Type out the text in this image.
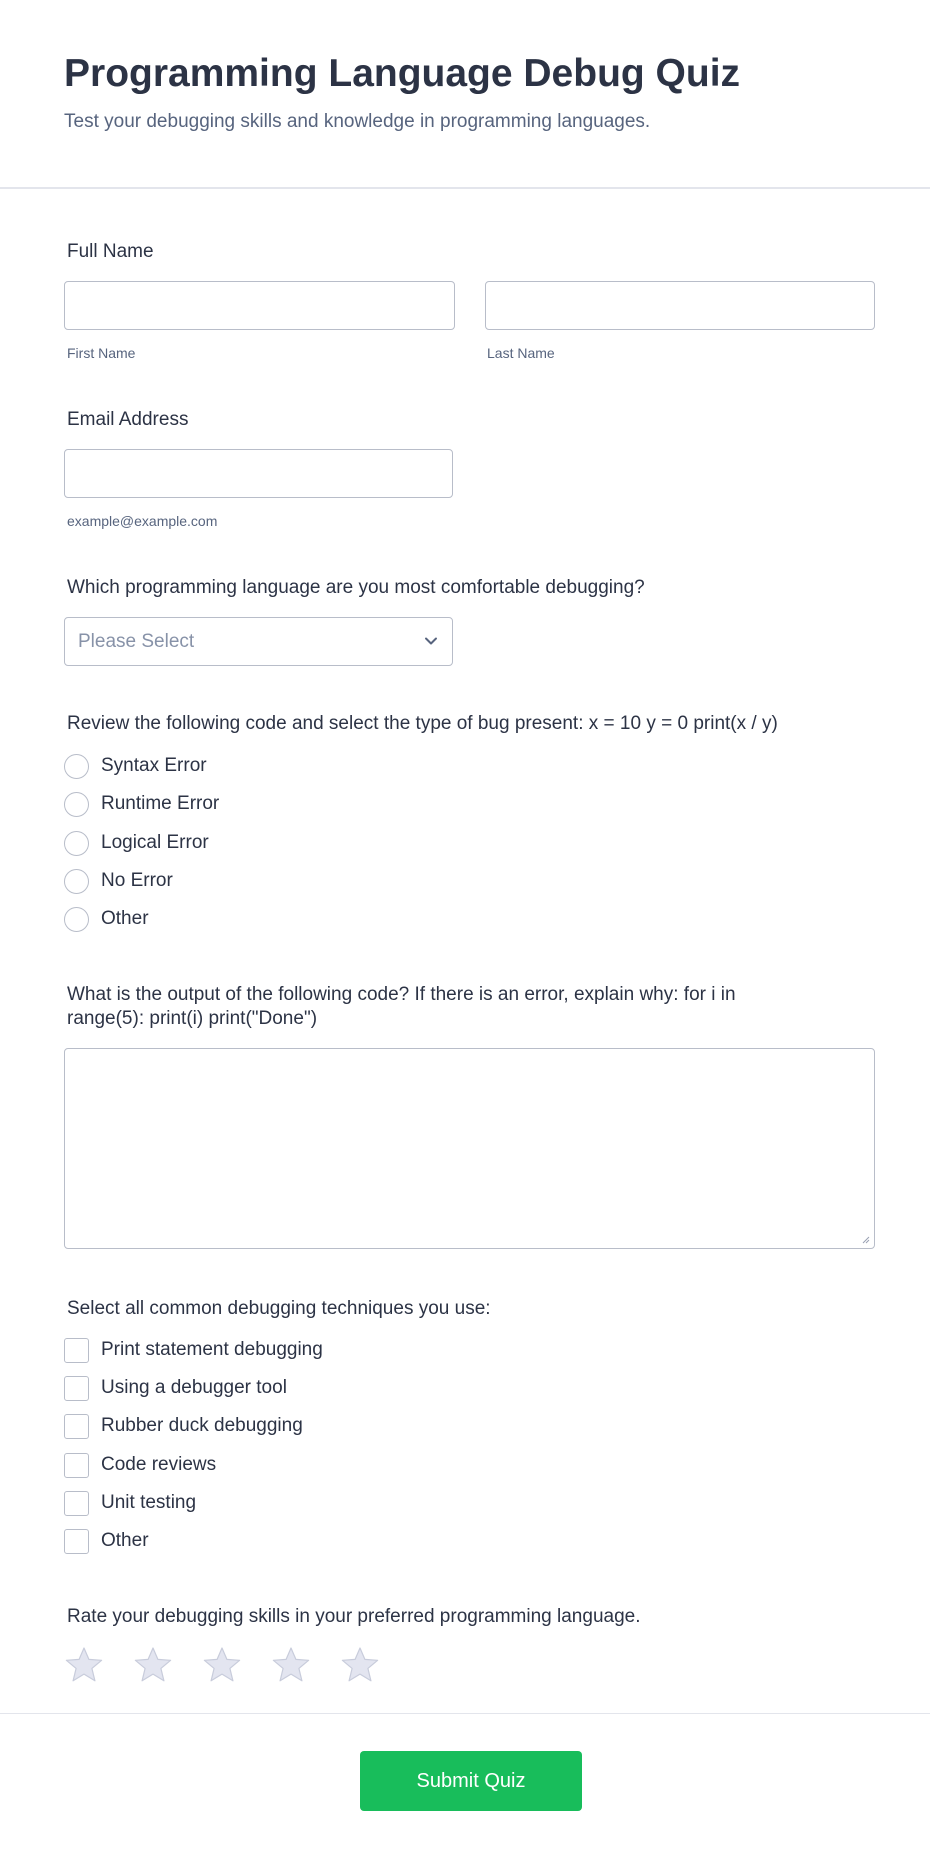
Programming Language Debug Quiz

Test your debugging skills and knowledge in programming languages.

Full Name
First Name	Last Name
Email Address
example@example.com
Which programming language are you most comfortable debugging?
Please Select
Review the following code and select the type of bug present: x = 10 y = 0 print(x / y)
Syntax Error
Runtime Error
Logical Error
No Error
Other
What is the output of the following code? If there is an error, explain why: for i in
range(5): print(i) print("Done")
Select all common debugging techniques you use:
Print statement debugging
Using a debugger tool
Rubber duck debugging
Code reviews
Unit testing
Other
Rate your debugging skills in your preferred programming language.
Submit Quiz
